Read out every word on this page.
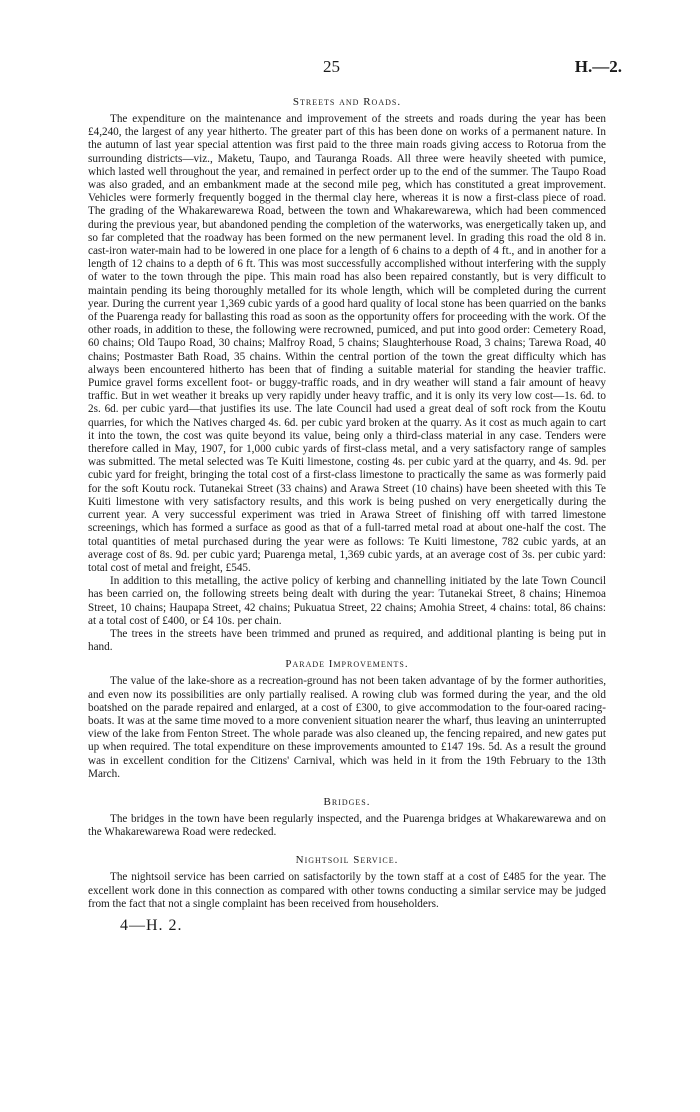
25	H.—2.
Streets and Roads.

The expenditure on the maintenance and improvement of the streets and roads during the year has been £4,240, the largest of any year hitherto. The greater part of this has been done on works of a permanent nature. In the autumn of last year special attention was first paid to the three main roads giving access to Rotorua from the surrounding districts—viz., Maketu, Taupo, and Tauranga Roads. All three were heavily sheeted with pumice, which lasted well throughout the year, and remained in perfect order up to the end of the summer. The Taupo Road was also graded, and an embankment made at the second mile peg, which has constituted a great improvement. Vehicles were formerly frequently bogged in the thermal clay here, whereas it is now a first-class piece of road. The grading of the Whakarewarewa Road, between the town and Whakarewarewa, which had been commenced during the previous year, but abandoned pending the completion of the waterworks, was energetically taken up, and so far completed that the roadway has been formed on the new permanent level. In grading this road the old 8 in. cast-iron water-main had to be lowered in one place for a length of 6 chains to a depth of 4 ft., and in another for a length of 12 chains to a depth of 6 ft. This was most successfully accomplished without interfering with the supply of water to the town through the pipe. This main road has also been repaired constantly, but is very difficult to maintain pending its being thoroughly metalled for its whole length, which will be completed during the current year. During the current year 1,369 cubic yards of a good hard quality of local stone has been quarried on the banks of the Puarenga ready for ballasting this road as soon as the opportunity offers for proceeding with the work. Of the other roads, in addition to these, the following were recrowned, pumiced, and put into good order: Cemetery Road, 60 chains; Old Taupo Road, 30 chains; Malfroy Road, 5 chains; Slaughterhouse Road, 3 chains; Tarewa Road, 40 chains; Postmaster Bath Road, 35 chains. Within the central portion of the town the great difficulty which has always been encountered hitherto has been that of finding a suitable material for standing the heavier traffic. Pumice gravel forms excellent foot- or buggy-traffic roads, and in dry weather will stand a fair amount of heavy traffic. But in wet weather it breaks up very rapidly under heavy traffic, and it is only its very low cost—1s. 6d. to 2s. 6d. per cubic yard—that justifies its use. The late Council had used a great deal of soft rock from the Koutu quarries, for which the Natives charged 4s. 6d. per cubic yard broken at the quarry. As it cost as much again to cart it into the town, the cost was quite beyond its value, being only a third-class material in any case. Tenders were therefore called in May, 1907, for 1,000 cubic yards of first-class metal, and a very satisfactory range of samples was submitted. The metal selected was Te Kuiti limestone, costing 4s. per cubic yard at the quarry, and 4s. 9d. per cubic yard for freight, bringing the total cost of a first-class limestone to practically the same as was formerly paid for the soft Koutu rock. Tutanekai Street (33 chains) and Arawa Street (10 chains) have been sheeted with this Te Kuiti limestone with very satisfactory results, and this work is being pushed on very energetically during the current year. A very successful experiment was tried in Arawa Street of finishing off with tarred limestone screenings, which has formed a surface as good as that of a full-tarred metal road at about one-half the cost. The total quantities of metal purchased during the year were as follows: Te Kuiti limestone, 782 cubic yards, at an average cost of 8s. 9d. per cubic yard; Puarenga metal, 1,369 cubic yards, at an average cost of 3s. per cubic yard: total cost of metal and freight, £545.

In addition to this metalling, the active policy of kerbing and channelling initiated by the late Town Council has been carried on, the following streets being dealt with during the year: Tutanekai Street, 8 chains; Hinemoa Street, 10 chains; Haupapa Street, 42 chains; Pukuatua Street, 22 chains; Amohia Street, 4 chains: total, 86 chains: at a total cost of £400, or £4 10s. per chain.

The trees in the streets have been trimmed and pruned as required, and additional planting is being put in hand.

Parade Improvements.

The value of the lake-shore as a recreation-ground has not been taken advantage of by the former authorities, and even now its possibilities are only partially realised. A rowing club was formed during the year, and the old boatshed on the parade repaired and enlarged, at a cost of £300, to give accommodation to the four-oared racing-boats. It was at the same time moved to a more convenient situation nearer the wharf, thus leaving an uninterrupted view of the lake from Fenton Street. The whole parade was also cleaned up, the fencing repaired, and new gates put up when required. The total expenditure on these improvements amounted to £147 19s. 5d. As a result the ground was in excellent condition for the Citizens' Carnival, which was held in it from the 19th February to the 13th March.

Bridges.

The bridges in the town have been regularly inspected, and the Puarenga bridges at Whakarewarewa and on the Whakarewarewa Road were redecked.

Nightsoil Service.

The nightsoil service has been carried on satisfactorily by the town staff at a cost of £485 for the year. The excellent work done in this connection as compared with other towns conducting a similar service may be judged from the fact that not a single complaint has been received from householders.

4—H. 2.
